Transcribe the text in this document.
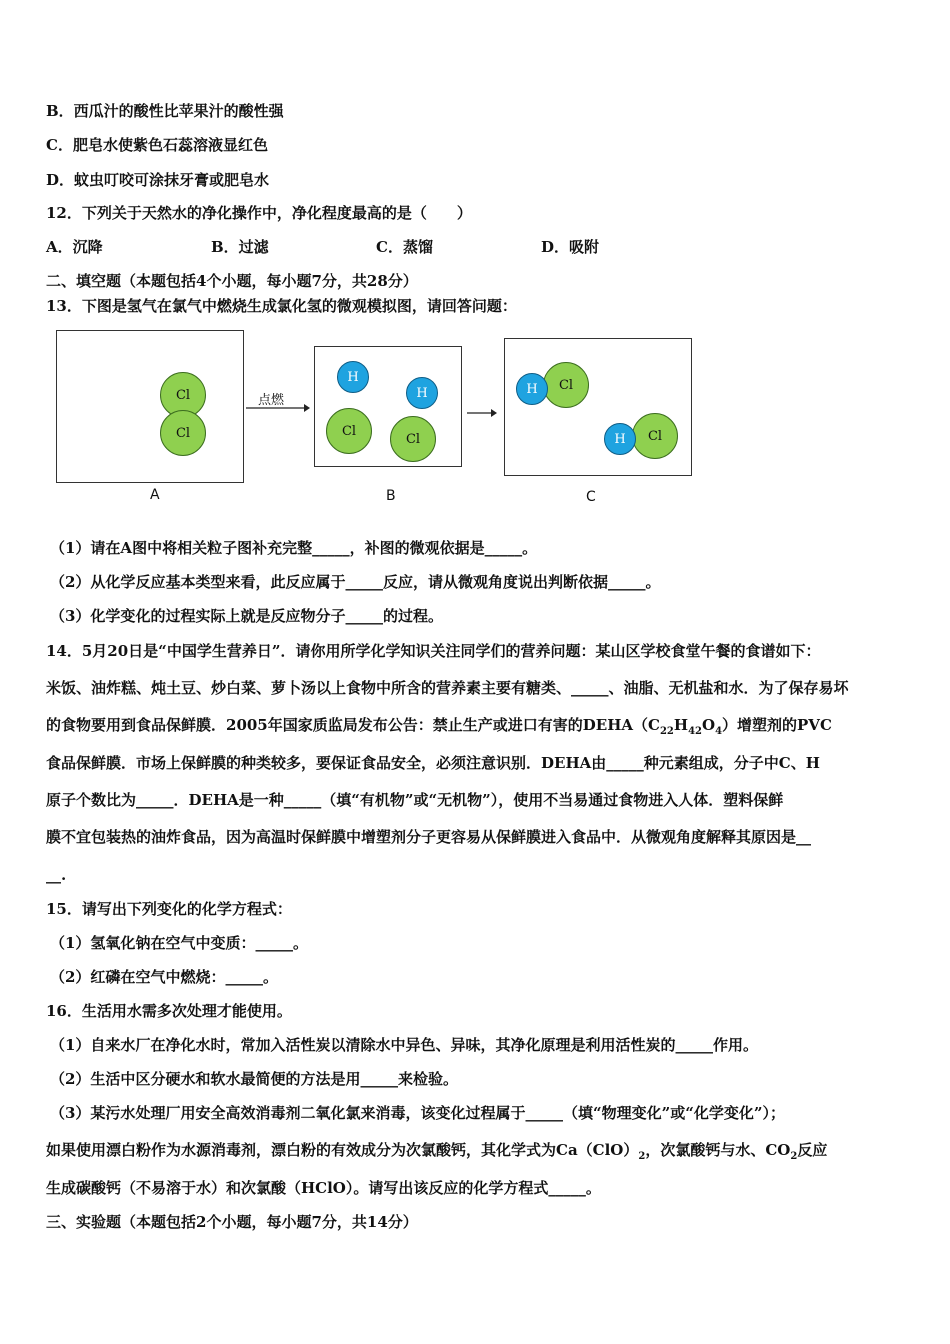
B．西瓜汁的酸性比苹果汁的酸性强
C．肥皂水使紫色石蕊溶液显红色
D．蚊虫叮咬可涂抹牙膏或肥皂水
12．下列关于天然水的净化操作中，净化程度最高的是（　　）
A．沉降	B．过滤	C．蒸馏	D．吸附
二、填空题（本题包括4个小题，每小题7分，共28分）
13．下图是氢气在氯气中燃烧生成氯化氢的微观模拟图，请回答问题：
Cl
Cl
A
点燃
H
H
Cl
Cl
B
Cl
H
Cl
H
C
（1）请在A图中将相关粒子图补充完整_____，补图的微观依据是_____。
（2）从化学反应基本类型来看，此反应属于_____反应，请从微观角度说出判断依据_____。
（3）化学变化的过程实际上就是反应物分子_____的过程。
14．5月20日是“中国学生营养日”．请你用所学化学知识关注同学们的营养问题：某山区学校食堂午餐的食谱如下：
米饭、油炸糕、炖土豆、炒白菜、萝卜汤以上食物中所含的营养素主要有糖类、_____、油脂、无机盐和水．为了保存易坏
的食物要用到食品保鲜膜．2005年国家质监局发布公告：禁止生产或进口有害的$DEHA(C_{22}H_{42}O_4)$增塑剂的PVC
食品保鲜膜．市场上保鲜膜的种类较多，要保证食品安全，必须注意识别．DEHA由_____种元素组成，分子中C、H
原子个数比为_____．DEHA是一种_____（填“有机物”或“无机物”），使用不当易通过食物进入人体．塑料保鲜
膜不宜包装热的油炸食品，因为高温时保鲜膜中增塑剂分子更容易从保鲜膜进入食品中．从微观角度解释其原因是__
__.
15．请写出下列变化的化学方程式：
（1）氢氧化钠在空气中变质：_____。
（2）红磷在空气中燃烧：_____。
16．生活用水需多次处理才能使用。
（1）自来水厂在净化水时，常加入活性炭以清除水中异色、异味，其净化原理是利用活性炭的_____作用。
（2）生活中区分硬水和软水最简便的方法是用_____来检验。
（3）某污水处理厂用安全高效消毒剂二氧化氯来消毒，该变化过程属于_____（填“物理变化”或“化学变化”）；
如果使用漂白粉作为水源消毒剂，漂白粉的有效成分为次氯酸钙，其化学式为$Ca(ClO)_2$，次氯酸钙与水、$CO_2$反应
生成碳酸钙（不易溶于水）和次氯酸（HClO）。请写出该反应的化学方程式_____。
三、实验题（本题包括2个小题，每小题7分，共14分）
